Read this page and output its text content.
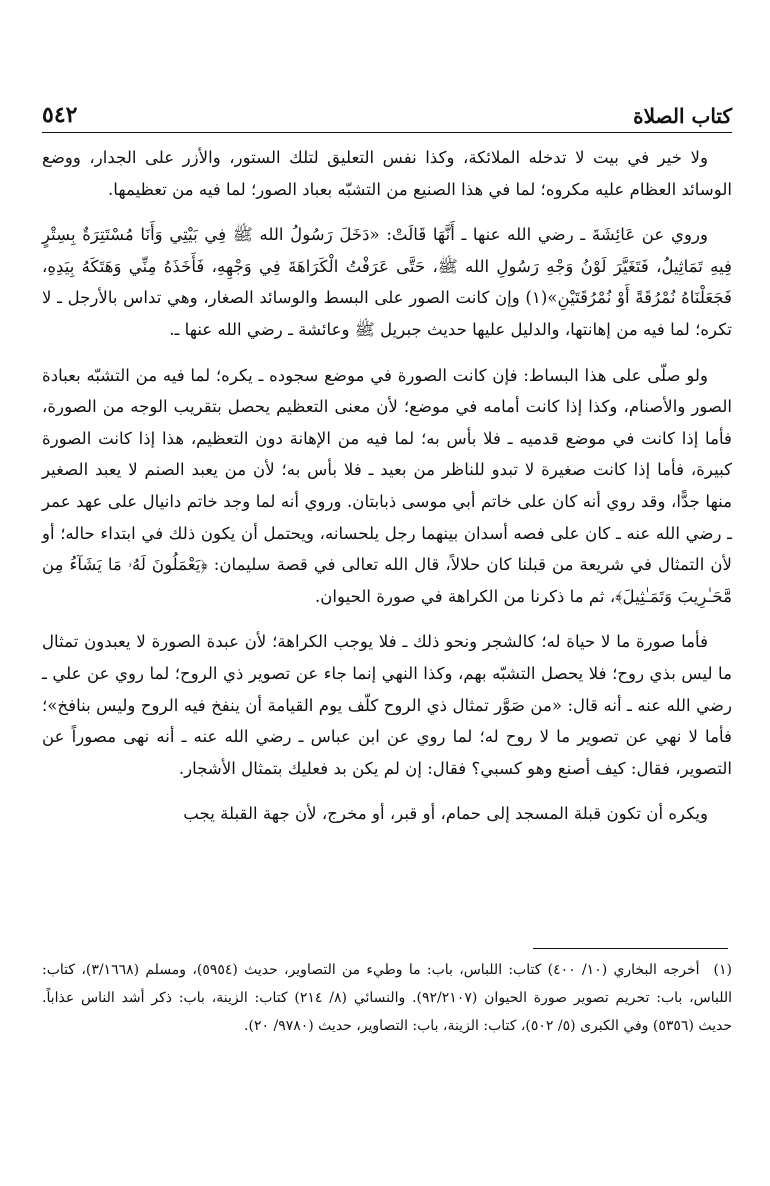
كتاب الصلاة
٥٤٢

ولا خير في بيت لا تدخله الملائكة، وكذا نفس التعليق لتلك الستور، والأزر على الجدار، ووضع الوسائد العظام عليه مكروه؛ لما في هذا الصنيع من التشبّه بعباد الصور؛ لما فيه من تعظيمها.

وروي عن عَائِشَةَ ـ رضي الله عنها ـ أَنَّهَا قَالَتْ: «دَخَلَ رَسُولُ الله ﷺ فِي بَيْتِي وَأَنَا مُسْتَتِرَةٌ بِسِتْرٍ فِيهِ تَمَاثِيلُ، فَتَغَيَّرَ لَوْنُ وَجْهِ رَسُولِ الله ﷺ، حَتَّى عَرَفْتُ الْكَرَاهَةَ فِي وَجْهِهِ، فَأَخَذَهُ مِنِّي وَهَتَكَهُ بِيَدِهِ، فَجَعَلْنَاهُ نُمْرُقَةً أَوْ نُمْرُقَتَيْنِ»(١) وإن كانت الصور على البسط والوسائد الصغار، وهي تداس بالأرجل ـ لا تكره؛ لما فيه من إهانتها، والدليل عليها حديث جبريل ﷺ وعائشة ـ رضي الله عنها ـ.

ولو صلّى على هذا البساط: فإن كانت الصورة في موضع سجوده ـ يكره؛ لما فيه من التشبّه بعبادة الصور والأصنام، وكذا إذا كانت أمامه في موضع؛ لأن معنى التعظيم يحصل بتقريب الوجه من الصورة، فأما إذا كانت في موضع قدميه ـ فلا بأس به؛ لما فيه من الإهانة دون التعظيم، هذا إذا كانت الصورة كبيرة، فأما إذا كانت صغيرة لا تبدو للناظر من بعيد ـ فلا بأس به؛ لأن من يعبد الصنم لا يعبد الصغير منها جدًّا، وقد روي أنه كان على خاتم أبي موسى ذبابتان. وروي أنه لما وجد خاتم دانيال على عهد عمر ـ رضي الله عنه ـ كان على فصه أسدان بينهما رجل يلحسانه، ويحتمل أن يكون ذلك في ابتداء حاله؛ أو لأن التمثال في شريعة من قبلنا كان حلالاً، قال الله تعالى في قصة سليمان: ﴿يَعْمَلُونَ لَهُۥ مَا يَشَآءُ مِن مَّحَـٰرِيبَ وَتَمَـٰثِيلَ﴾، ثم ما ذكرنا من الكراهة في صورة الحيوان.

فأما صورة ما لا حياة له؛ كالشجر ونحو ذلك ـ فلا يوجب الكراهة؛ لأن عبدة الصورة لا يعبدون تمثال ما ليس بذي روح؛ فلا يحصل التشبّه بهم، وكذا النهي إنما جاء عن تصوير ذي الروح؛ لما روي عن علي ـ رضي الله عنه ـ أنه قال: «من صَوَّر تمثال ذي الروح كلّف يوم القيامة أن ينفخ فيه الروح وليس بنافخ»؛ فأما لا نهي عن تصوير ما لا روح له؛ لما روي عن ابن عباس ـ رضي الله عنه ـ أنه نهى مصوراً عن التصوير، فقال: كيف أصنع وهو كسبي؟ فقال: إن لم يكن بد فعليك بتمثال الأشجار.

ويكره أن تكون قبلة المسجد إلى حمام، أو قبر، أو مخرج، لأن جهة القبلة يجب

(١)أخرجه البخاري (١٠/ ٤٠٠) كتاب: اللباس، باب: ما وطيء من التصاوير، حديث (٥٩٥٤)، ومسلم (٣/١٦٦٨)، كتاب: اللباس، باب: تحريم تصوير صورة الحيوان (٩٢/٢١٠٧). والنسائي (٨/ ٢١٤) كتاب: الزينة، باب: ذكر أشد الناس عذاباً. حديث (٥٣٥٦) وفي الكبرى (٥/ ٥٠٢)، كتاب: الزينة، باب: التصاوير، حديث (٩٧٨٠/ ٢٠).
